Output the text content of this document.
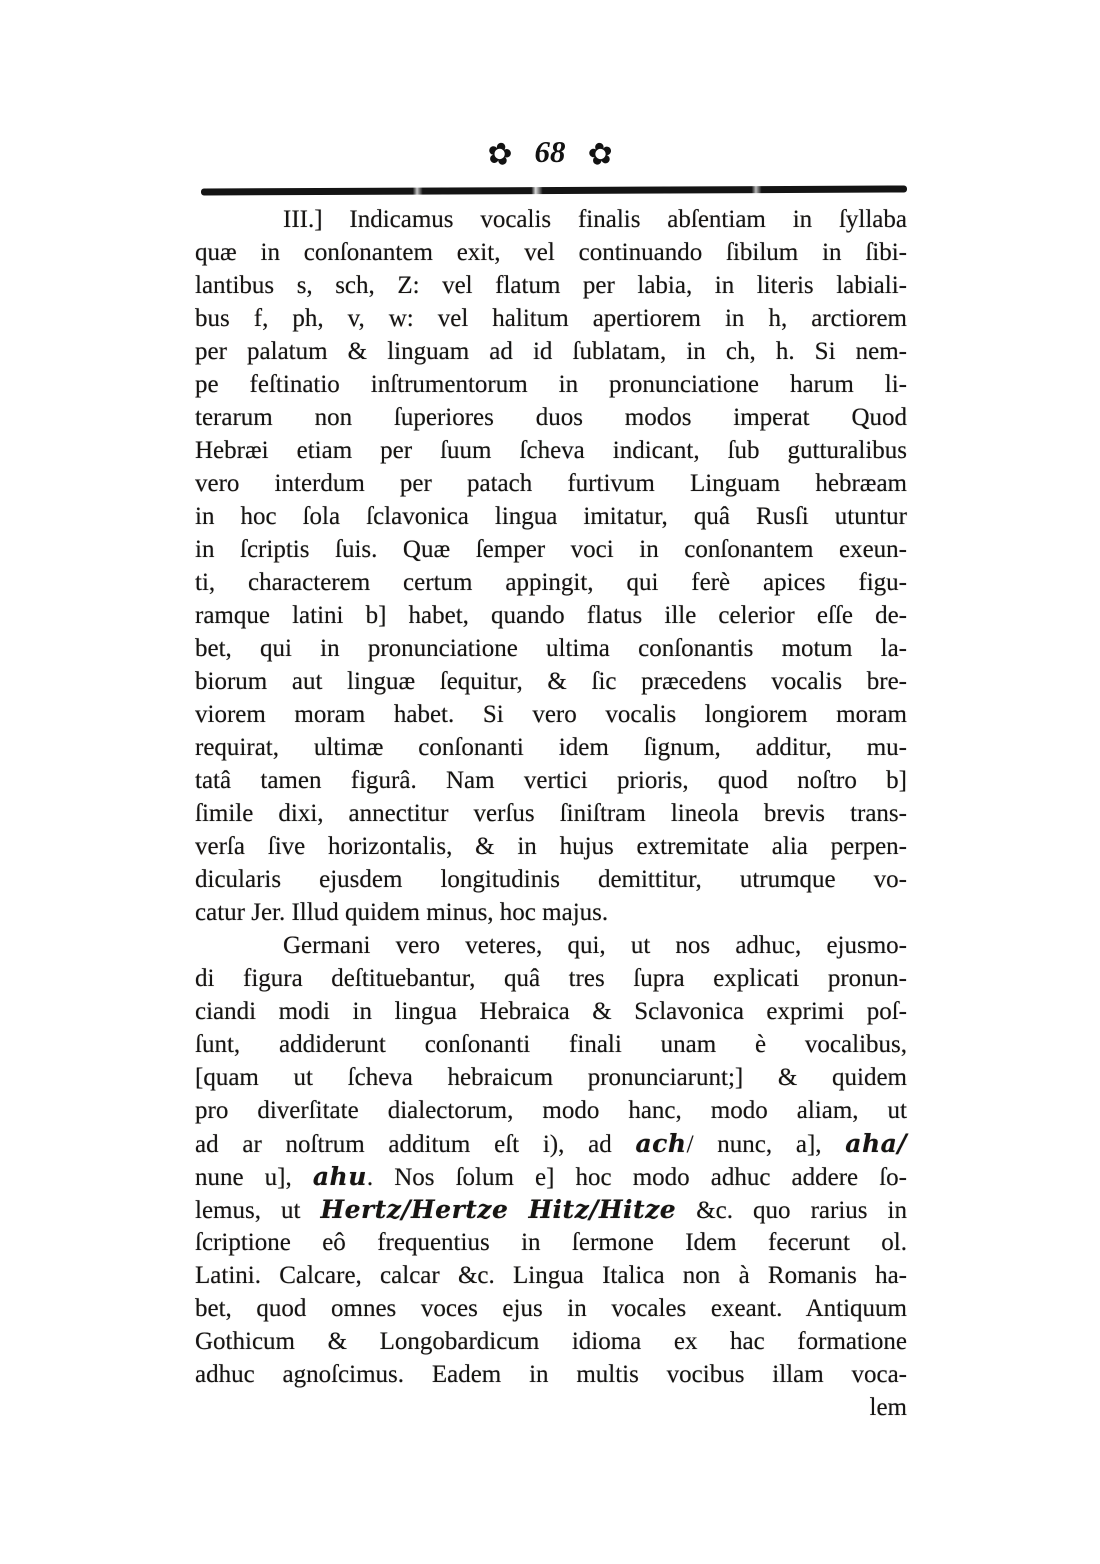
✿ 68 ✿
III.] Indicamus vocalis finalis abſentiam in ſyllaba
quæ in conſonantem exit, vel continuando ſibilum in ſibi-
lantibus s, sch, Z: vel flatum per labia, in literis labiali-
bus f, ph, v, w: vel halitum apertiorem in h, arctiorem
per palatum & linguam ad id ſublatam, in ch, h. Si nem-
pe feſtinatio inſtrumentorum in pronunciatione harum li-
terarum non ſuperiores duos modos imperat Quod
Hebræi etiam per ſuum ſcheva indicant, ſub gutturalibus
vero interdum per patach furtivum Linguam hebræam
in hoc ſola ſclavonica lingua imitatur, quâ Rusſi utuntur
in ſcriptis ſuis. Quæ ſemper voci in conſonantem exeun-
ti, characterem certum appingit, qui ferè apices figu-
ramque latini b] habet, quando flatus ille celerior eſſe de-
bet, qui in pronunciatione ultima conſonantis motum la-
biorum aut linguæ ſequitur, & ſic præcedens vocalis bre-
viorem moram habet. Si vero vocalis longiorem moram
requirat, ultimæ conſonanti idem ſignum, additur, mu-
tatâ tamen figurâ. Nam vertici prioris, quod noſtro b]
ſimile dixi, annectitur verſus ſiniſtram lineola brevis trans-
verſa ſive horizontalis, & in hujus extremitate alia perpen-
dicularis ejusdem longitudinis demittitur, utrumque vo-
catur Jer. Illud quidem minus, hoc majus.
Germani vero veteres, qui, ut nos adhuc, ejusmo-
di figura deſtituebantur, quâ tres ſupra explicati pronun-
ciandi modi in lingua Hebraica & Sclavonica exprimi poſ-
ſunt, addiderunt conſonanti finali unam è vocalibus,
[quam ut ſcheva hebraicum pronunciarunt;] & quidem
pro diverſitate dialectorum, modo hanc, modo aliam, ut
ad ar noſtrum additum eſt i), ad ach/ nunc, a], aha/
nune u], ahu. Nos ſolum e] hoc modo adhuc addere ſo-
lemus, ut Hertz/Hertze Hitz/Hitze &c. quo rarius in
ſcriptione eô frequentius in ſermone Idem fecerunt ol.
Latini. Calcare, calcar &c. Lingua Italica non à Romanis ha-
bet, quod omnes voces ejus in vocales exeant. Antiquum
Gothicum & Longobardicum idioma ex hac formatione
adhuc agnoſcimus. Eadem in multis vocibus illam voca-
lem
